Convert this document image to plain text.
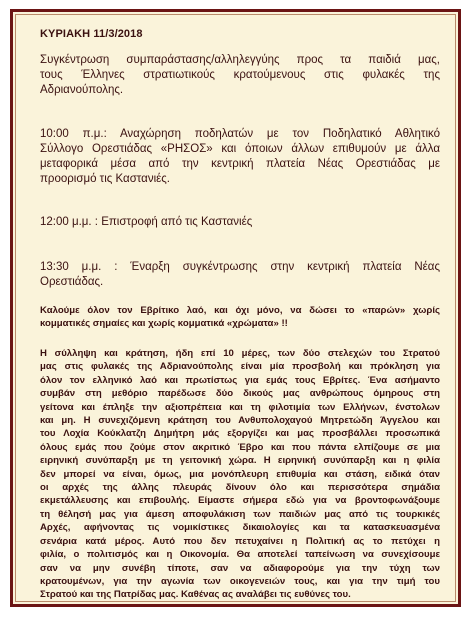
ΚΥΡΙΑΚΗ 11/3/2018
Συγκέντρωση συμπαράστασης/αλληλεγγύης προς τα παιδιά μας,
τους Έλληνες στρατιωτικούς κρατούμενους στις φυλακές της
Αδριανούπολης.
10:00 π.μ.: Αναχώρηση ποδηλατών με τον Ποδηλατικό Αθλητικό
Σύλλογο Ορεστιάδας «ΡΗΣΟΣ» και όποιων άλλων επιθυμούν με άλλα
μεταφορικά μέσα από την κεντρική πλατεία Νέας Ορεστιάδας με
προορισμό τις Καστανιές.
12:00 μ.μ. : Επιστροφή από τις Καστανιές
13:30 μ.μ. : Έναρξη συγκέντρωσης στην κεντρική πλατεία Νέας
Ορεστιάδας.
Καλούμε όλον τον Εβρίτικο λαό, και όχι μόνο, να δώσει το «παρών» χωρίς
κομματικές σημαίες και χωρίς κομματικά «χρώματα» !!
Η σύλληψη και κράτηση, ήδη επί 10 μέρες, των δύο στελεχών του Στρατού
μας στις φυλακές της Αδριανούπολης είναι μία προσβολή και πρόκληση για
όλον τον ελληνικό λαό και πρωτίστως για εμάς τους Εβρίτες. Ένα ασήμαντο
συμβάν στη μεθόριο παρέδωσε δύο δικούς μας ανθρώπους όμηρους στη
γείτονα και έπληξε την αξιοπρέπεια και τη φιλοτιμία των Ελλήνων, ένστολων
και μη. Η συνεχιζόμενη κράτηση του Ανθυπολοχαγού Μητρετώδη Άγγελου και
του Λοχία Κούκλατζη Δημήτρη μάς εξοργίζει και μας προσβάλλει προσωπικά
όλους εμάς που ζούμε στον ακριτικό Έβρο και που πάντα ελπίζουμε σε μια
ειρηνική συνύπαρξη με τη γειτονική χώρα. Η ειρηνική συνύπαρξη και η φιλία
δεν μπορεί να είναι, όμως, μια μονόπλευρη επιθυμία και στάση, ειδικά όταν
οι αρχές της άλλης πλευράς δίνουν όλο και περισσότερα σημάδια
εκμετάλλευσης και επιβουλής. Είμαστε σήμερα εδώ για να βροντοφωνάξουμε
τη θέλησή μας για άμεση αποφυλάκιση των παιδιών μας από τις τουρκικές
Αρχές, αφήνοντας τις νομικίστικες δικαιολογίες και τα κατασκευασμένα
σενάρια κατά μέρος. Αυτό που δεν πετυχαίνει η Πολιτική ας το πετύχει η
φιλία, ο πολιτισμός και η Οικονομία. Θα αποτελεί ταπείνωση να συνεχίσουμε
σαν να μην συνέβη τίποτε, σαν να αδιαφορούμε για την τύχη των
κρατουμένων, για την αγωνία των οικογενειών τους, και για την τιμή του
Στρατού και της Πατρίδας μας. Καθένας ας αναλάβει τις ευθύνες του.
